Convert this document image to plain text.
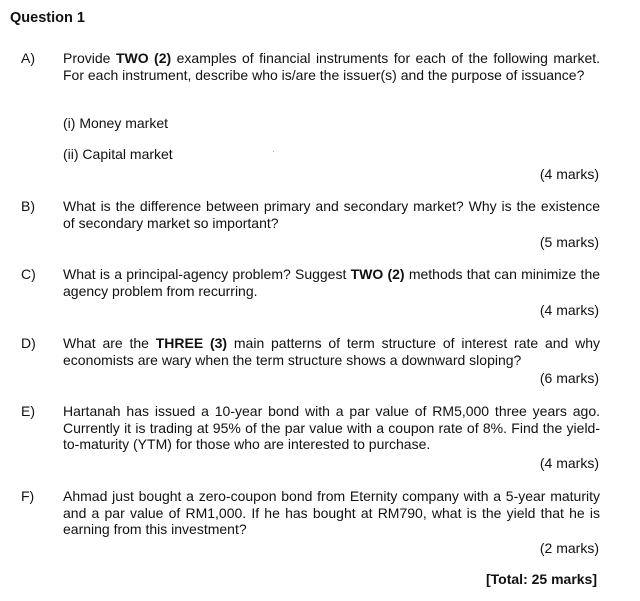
Question 1
A) Provide TWO (2) examples of financial instruments for each of the following market. For each instrument, describe who is/are the issuer(s) and the purpose of issuance?
(i) Money market
(ii) Capital market
(4 marks)
B) What is the difference between primary and secondary market? Why is the existence of secondary market so important?
(5 marks)
C) What is a principal-agency problem? Suggest TWO (2) methods that can minimize the agency problem from recurring.
(4 marks)
D) What are the THREE (3) main patterns of term structure of interest rate and why economists are wary when the term structure shows a downward sloping?
(6 marks)
E) Hartanah has issued a 10-year bond with a par value of RM5,000 three years ago. Currently it is trading at 95% of the par value with a coupon rate of 8%. Find the yield-to-maturity (YTM) for those who are interested to purchase.
(4 marks)
F) Ahmad just bought a zero-coupon bond from Eternity company with a 5-year maturity and a par value of RM1,000. If he has bought at RM790, what is the yield that he is earning from this investment?
(2 marks)
[Total: 25 marks]
